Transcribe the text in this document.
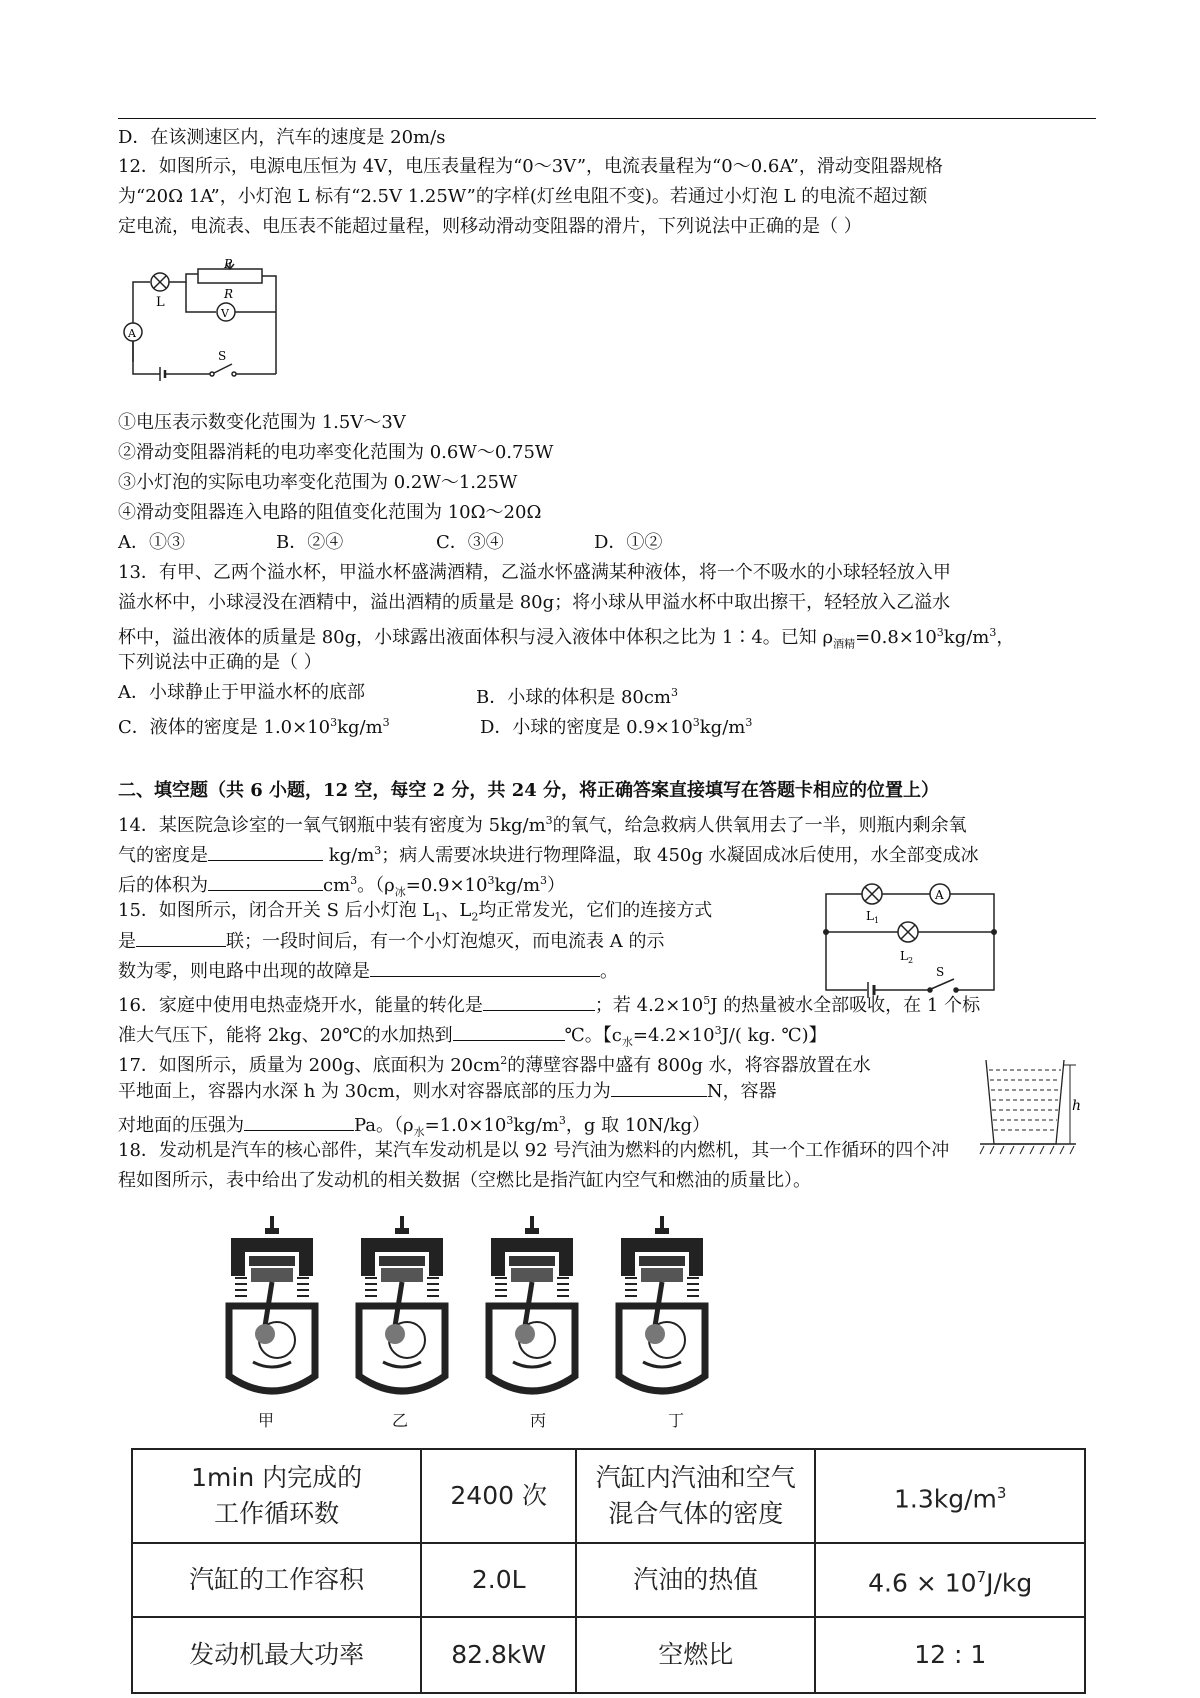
D．在该测速区内，汽车的速度是 20m/s
12．如图所示，电源电压恒为 4V，电压表量程为“0～3V”，电流表量程为“0～0.6A”，滑动变阻器规格
为“20Ω 1A”，小灯泡 L 标有“2.5V 1.25W”的字样(灯丝电阻不变)。若通过小灯泡 L 的电流不超过额
定电流，电流表、电压表不能超过量程，则移动滑动变阻器的滑片，下列说法中正确的是（ ）
L
P
R
V
A
S
①电压表示数变化范围为 1.5V～3V
②滑动变阻器消耗的电功率变化范围为 0.6W～0.75W
③小灯泡的实际电功率变化范围为 0.2W～1.25W
④滑动变阻器连入电路的阻值变化范围为 10Ω～20Ω
A．①③	B．②④	C．③④	D．①②
13．有甲、乙两个溢水杯，甲溢水杯盛满酒精，乙溢水怀盛满某种液体，将一个不吸水的小球轻轻放入甲
溢水杯中，小球浸没在酒精中，溢出酒精的质量是 80g；将小球从甲溢水杯中取出擦干，轻轻放入乙溢水
杯中，溢出液体的质量是 80g，小球露出液面体积与浸入液体中体积之比为 1∶4。已知 $\rho_{酒精}=0.8\times 10^3kg/m^3$，
下列说法中正确的是（ ）
A．小球静止于甲溢水杯的底部	B．小球的体积是 $80cm^3$
C．液体的密度是 $1.0\times 10^3kg/m^3$	D．小球的密度是 $0.9\times 10^3kg/m^3$
二、填空题（共 6 小题，12 空，每空 2 分，共 24 分，将正确答案直接填写在答题卡相应的位置上）
14．某医院急诊室的一氧气钢瓶中装有密度为 $5kg/m^3$的氧气，给急救病人供氧用去了一半，则瓶内剩余氧
气的密度是	$kg/m^3$；病人需要冰块进行物理降温，取 450g 水凝固成冰后使用，水全部变成冰
后的体积为	$cm^3$。$(\rho_冰=0.9\times 10^3kg/m^3)$
$L_1$
A
$L_2$
S
15．如图所示，闭合开关 S 后小灯泡 $L_1$、$L_2$均正常发光，它们的连接方式
是	联；一段时间后，有一个小灯泡熄灭，而电流表 A 的示
数为零，则电路中出现的故障是	。
16．家庭中使用电热壶烧开水，能量的转化是	；若 $4.2\times 10^5J$ 的热量被水全部吸收，在 1 个标
准大气压下，能将 2kg、20℃的水加热到	℃。【$c_水=4.2\times 10^3J/$( kg. ℃)】
h
17．如图所示，质量为 200g、底面积为 $20cm^2$的薄壁容器中盛有 800g 水，将容器放置在水
平地面上，容器内水深 h 为 30cm，则水对容器底部的压力为	N，容器
对地面的压强为	Pa。（$\rho_水=1.0\times 10^3kg/m^3$，g 取 10N/kg）
18．发动机是汽车的核心部件，某汽车发动机是以 92 号汽油为燃料的内燃机，其一个工作循环的四个冲
程如图所示，表中给出了发动机的相关数据（空燃比是指汽缸内空气和燃油的质量比）。
甲	乙	丙	丁
1min 内完成的
工作循环数	2400 次	汽缸内汽油和空气
混合气体的密度	$1.3kg/m^3$
汽缸的工作容积	2.0L	汽油的热值	$4.6 \times 10^7J/kg$
发动机最大功率	82.8kW	空燃比	12 : 1
